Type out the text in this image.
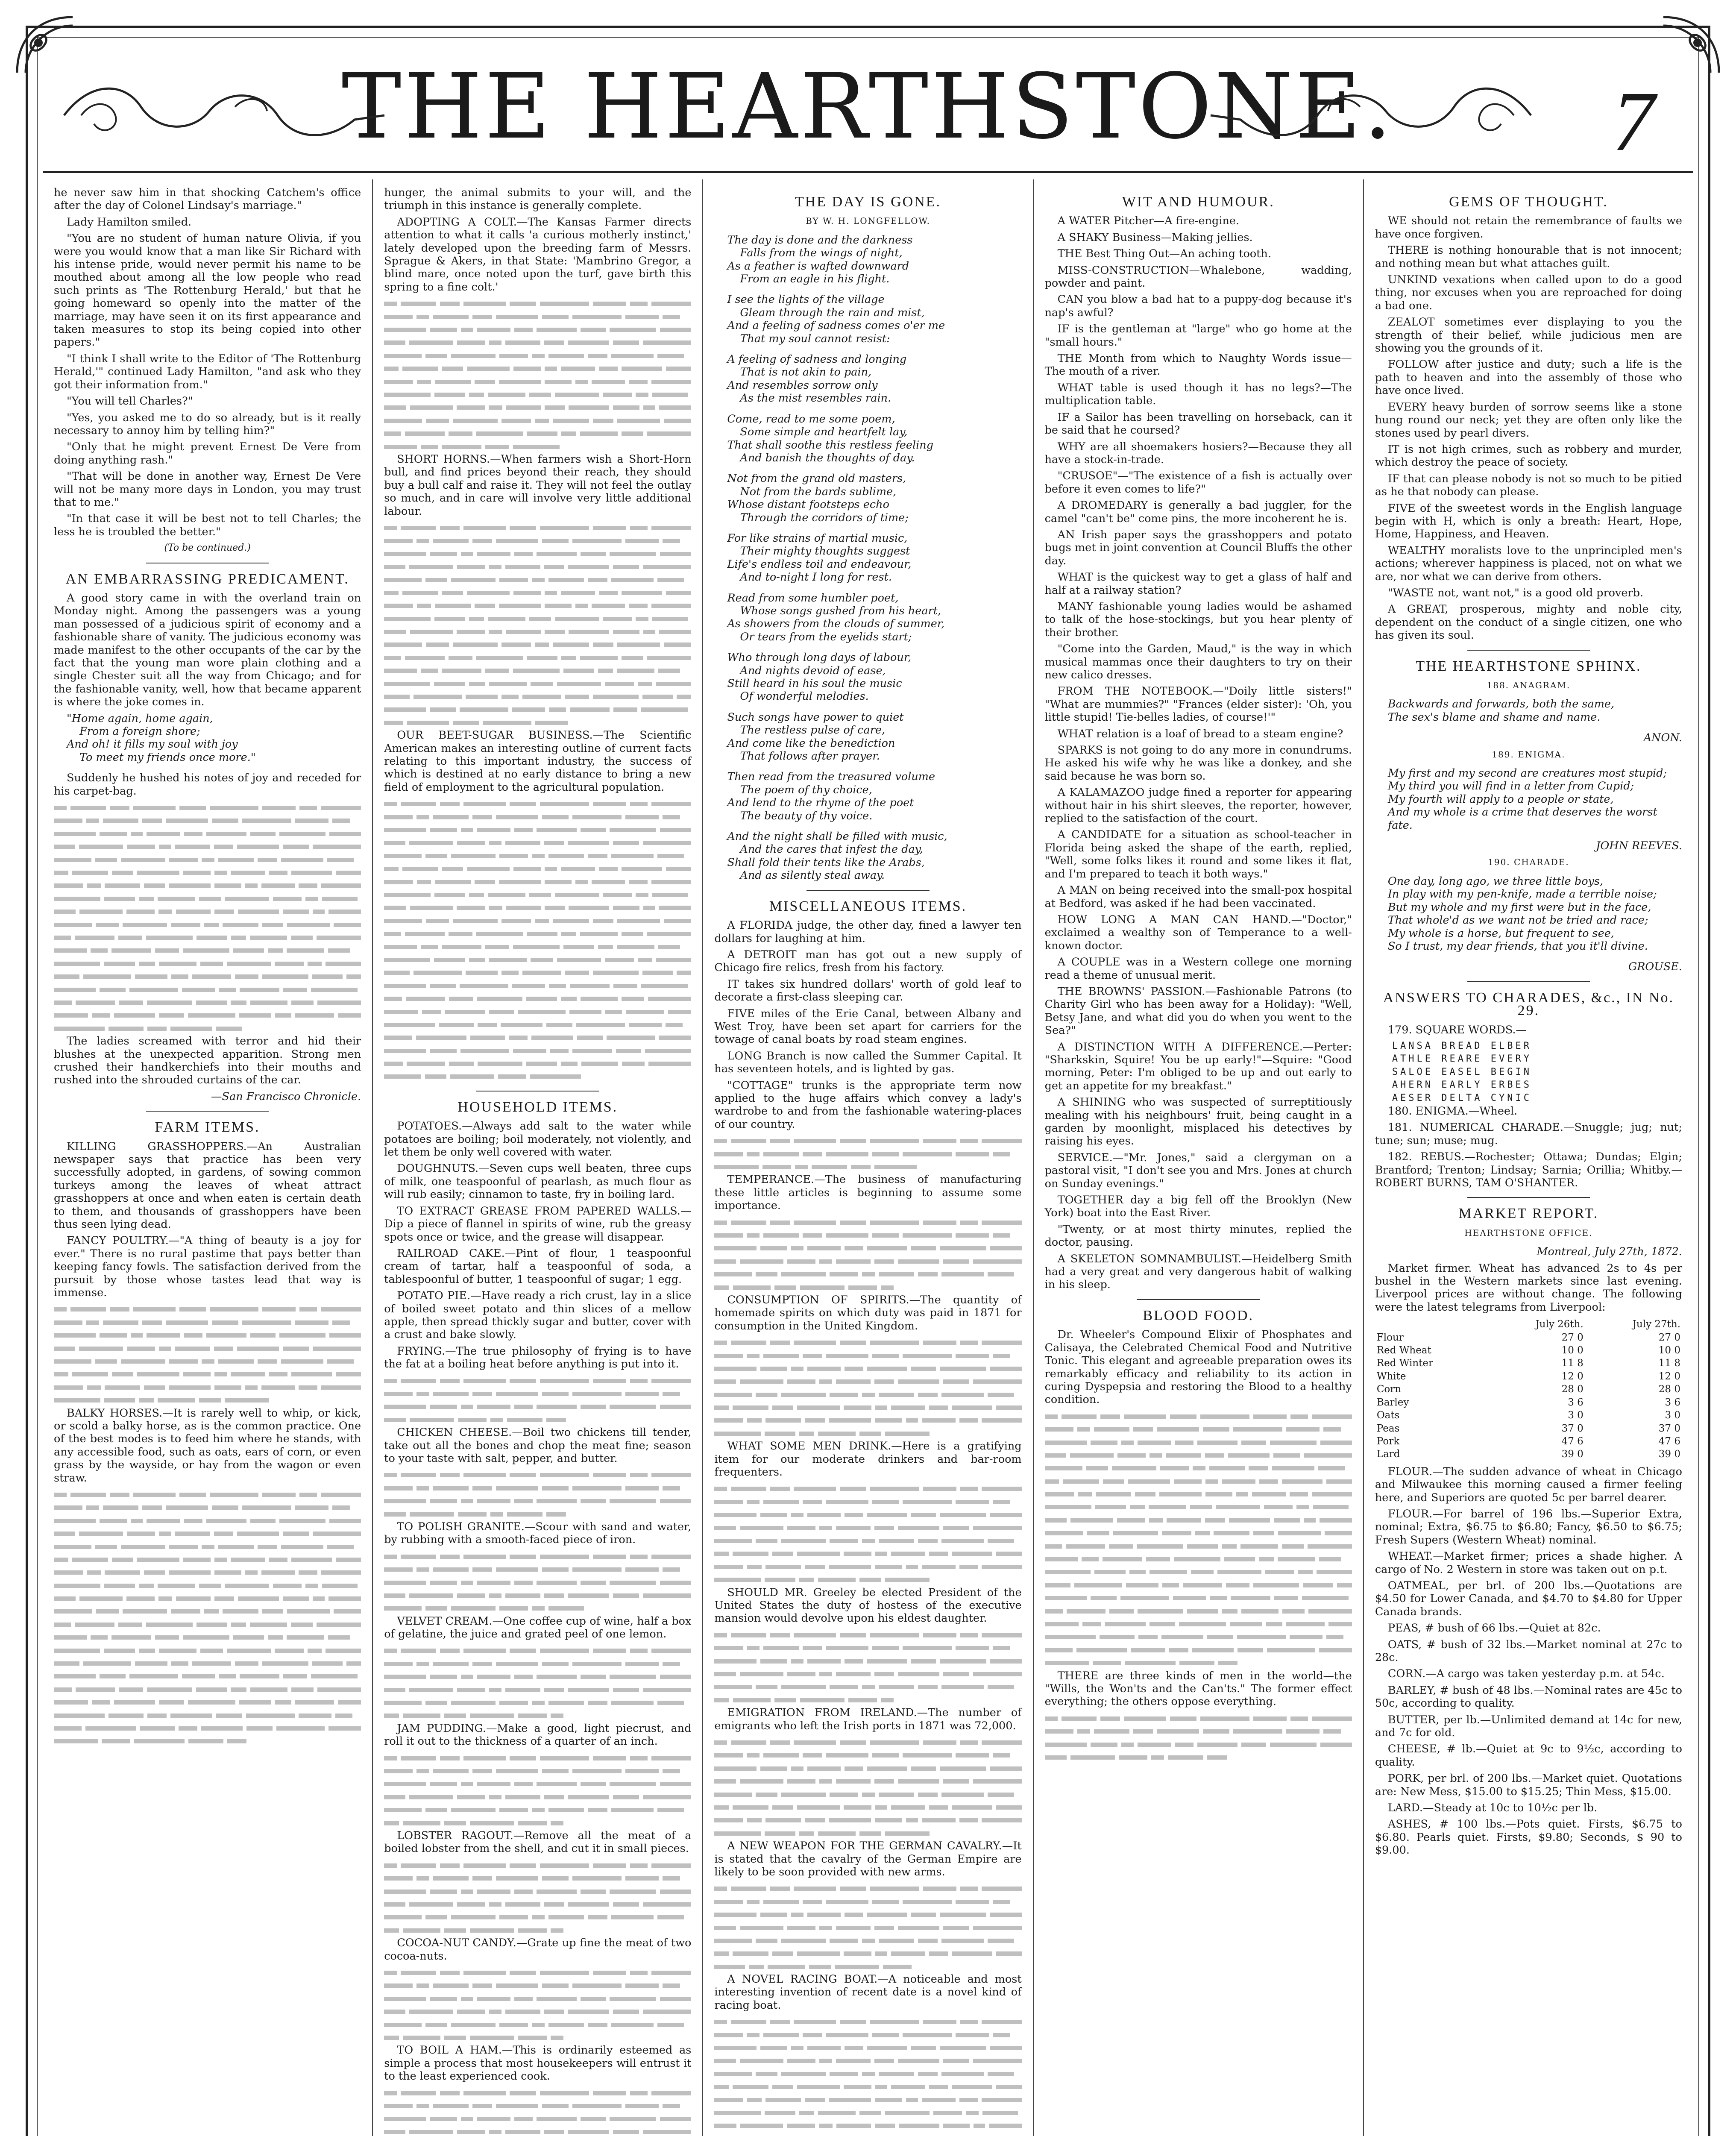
THE HEARTHSTONE.	7

he never saw him in that shocking Catchem's office after the day of Colonel Lindsay's marriage."

Lady Hamilton smiled.

"You are no student of human nature Olivia, if you were you would know that a man like Sir Richard with his intense pride, would never permit his name to be mouthed about among all the low people who read such prints as 'The Rottenburg Herald,' but that he going homeward so openly into the matter of the marriage, may have seen it on its first appearance and taken measures to stop its being copied into other papers."

"I think I shall write to the Editor of 'The Rottenburg Herald,'" continued Lady Hamilton, "and ask who they got their information from."

"You will tell Charles?"

"Yes, you asked me to do so already, but is it really necessary to annoy him by telling him?"

"Only that he might prevent Ernest De Vere from doing anything rash."

"That will be done in another way, Ernest De Vere will not be many more days in London, you may trust that to me."

"In that case it will be best not to tell Charles; the less he is troubled the better."

(To be continued.)

AN EMBARRASSING PREDICAMENT.

A good story came in with the overland train on Monday night. Among the passengers was a young man possessed of a judicious spirit of economy and a fashionable share of vanity. The judicious economy was made manifest to the other occupants of the car by the fact that the young man wore plain clothing and a single Chester suit all the way from Chicago; and for the fashionable vanity, well, how that became apparent is where the joke comes in.

"Home again, home again,
From a foreign shore;
And oh! it fills my soul with joy
To meet my friends once more."

Suddenly he hushed his notes of joy and receded for his carpet-bag.

The ladies screamed with terror and hid their blushes at the unexpected apparition. Strong men crushed their handkerchiefs into their mouths and rushed into the shrouded curtains of the car.

—San Francisco Chronicle.

FARM ITEMS.

KILLING GRASSHOPPERS.—An Australian newspaper says that practice has been very successfully adopted, in gardens, of sowing common turkeys among the leaves of wheat attract grasshoppers at once and when eaten is certain death to them, and thousands of grasshoppers have been thus seen lying dead.

FANCY POULTRY.—"A thing of beauty is a joy for ever." There is no rural pastime that pays better than keeping fancy fowls. The satisfaction derived from the pursuit by those whose tastes lead that way is immense.

BALKY HORSES.—It is rarely well to whip, or kick, or scold a balky horse, as is the common practice. One of the best modes is to feed him where he stands, with any accessible food, such as oats, ears of corn, or even grass by the wayside, or hay from the wagon or even straw.

hunger, the animal submits to your will, and the triumph in this instance is generally complete.

ADOPTING A COLT.—The Kansas Farmer directs attention to what it calls 'a curious motherly instinct,' lately developed upon the breeding farm of Messrs. Sprague & Akers, in that State: 'Mambrino Gregor, a blind mare, once noted upon the turf, gave birth this spring to a fine colt.'

SHORT HORNS.—When farmers wish a Short-Horn bull, and find prices beyond their reach, they should buy a bull calf and raise it. They will not feel the outlay so much, and in care will involve very little additional labour.

OUR BEET-SUGAR BUSINESS.—The Scientific American makes an interesting outline of current facts relating to this important industry, the success of which is destined at no early distance to bring a new field of employment to the agricultural population.

HOUSEHOLD ITEMS.

POTATOES.—Always add salt to the water while potatoes are boiling; boil moderately, not violently, and let them be only well covered with water.

DOUGHNUTS.—Seven cups well beaten, three cups of milk, one teaspoonful of pearlash, as much flour as will rub easily; cinnamon to taste, fry in boiling lard.

TO EXTRACT GREASE FROM PAPERED WALLS.—Dip a piece of flannel in spirits of wine, rub the greasy spots once or twice, and the grease will disappear.

RAILROAD CAKE.—Pint of flour, 1 teaspoonful cream of tartar, half a teaspoonful of soda, a tablespoonful of butter, 1 teaspoonful of sugar; 1 egg.

POTATO PIE.—Have ready a rich crust, lay in a slice of boiled sweet potato and thin slices of a mellow apple, then spread thickly sugar and butter, cover with a crust and bake slowly.

FRYING.—The true philosophy of frying is to have the fat at a boiling heat before anything is put into it.

CHICKEN CHEESE.—Boil two chickens till tender, take out all the bones and chop the meat fine; season to your taste with salt, pepper, and butter.

TO POLISH GRANITE.—Scour with sand and water, by rubbing with a smooth-faced piece of iron.

VELVET CREAM.—One coffee cup of wine, half a box of gelatine, the juice and grated peel of one lemon.

JAM PUDDING.—Make a good, light piecrust, and roll it out to the thickness of a quarter of an inch.

LOBSTER RAGOUT.—Remove all the meat of a boiled lobster from the shell, and cut it in small pieces.

COCOA-NUT CANDY.—Grate up fine the meat of two cocoa-nuts.

TO BOIL A HAM.—This is ordinarily esteemed as simple a process that most housekeepers will entrust it to the least experienced cook.

THE DAY IS GONE.

BY W. H. LONGFELLOW.

The day is done and the darkness
Falls from the wings of night,
As a feather is wafted downward
From an eagle in his flight.
I see the lights of the village
Gleam through the rain and mist,
And a feeling of sadness comes o'er me
That my soul cannot resist:
A feeling of sadness and longing
That is not akin to pain,
And resembles sorrow only
As the mist resembles rain.
Come, read to me some poem,
Some simple and heartfelt lay,
That shall soothe this restless feeling
And banish the thoughts of day.
Not from the grand old masters,
Not from the bards sublime,
Whose distant footsteps echo
Through the corridors of time;
For like strains of martial music,
Their mighty thoughts suggest
Life's endless toil and endeavour,
And to-night I long for rest.
Read from some humbler poet,
Whose songs gushed from his heart,
As showers from the clouds of summer,
Or tears from the eyelids start;
Who through long days of labour,
And nights devoid of ease,
Still heard in his soul the music
Of wonderful melodies.
Such songs have power to quiet
The restless pulse of care,
And come like the benediction
That follows after prayer.
Then read from the treasured volume
The poem of thy choice,
And lend to the rhyme of the poet
The beauty of thy voice.
And the night shall be filled with music,
And the cares that infest the day,
Shall fold their tents like the Arabs,
And as silently steal away.
MISCELLANEOUS ITEMS.

A FLORIDA judge, the other day, fined a lawyer ten dollars for laughing at him.

A DETROIT man has got out a new supply of Chicago fire relics, fresh from his factory.

IT takes six hundred dollars' worth of gold leaf to decorate a first-class sleeping car.

FIVE miles of the Erie Canal, between Albany and West Troy, have been set apart for carriers for the towage of canal boats by road steam engines.

LONG Branch is now called the Summer Capital. It has seventeen hotels, and is lighted by gas.

"COTTAGE" trunks is the appropriate term now applied to the huge affairs which convey a lady's wardrobe to and from the fashionable watering-places of our country.

TEMPERANCE.—The business of manufacturing these little articles is beginning to assume some importance.

CONSUMPTION OF SPIRITS.—The quantity of homemade spirits on which duty was paid in 1871 for consumption in the United Kingdom.

WHAT SOME MEN DRINK.—Here is a gratifying item for our moderate drinkers and bar-room frequenters.

SHOULD MR. Greeley be elected President of the United States the duty of hostess of the executive mansion would devolve upon his eldest daughter.

EMIGRATION FROM IRELAND.—The number of emigrants who left the Irish ports in 1871 was 72,000.

A NEW WEAPON FOR THE GERMAN CAVALRY.—It is stated that the cavalry of the German Empire are likely to be soon provided with new arms.

A NOVEL RACING BOAT.—A noticeable and most interesting invention of recent date is a novel kind of racing boat.

WIT AND HUMOUR.

A WATER Pitcher—A fire-engine.

A SHAKY Business—Making jellies.

THE Best Thing Out—An aching tooth.

MISS-CONSTRUCTION—Whalebone, wadding, powder and paint.

CAN you blow a bad hat to a puppy-dog because it's nap's awful?

IF is the gentleman at "large" who go home at the "small hours."

THE Month from which to Naughty Words issue—The mouth of a river.

WHAT table is used though it has no legs?—The multiplication table.

IF a Sailor has been travelling on horseback, can it be said that he coursed?

WHY are all shoemakers hosiers?—Because they all have a stock-in-trade.

"CRUSOE"—"The existence of a fish is actually over before it even comes to life?"

A DROMEDARY is generally a bad juggler, for the camel "can't be" come pins, the more incoherent he is.

AN Irish paper says the grasshoppers and potato bugs met in joint convention at Council Bluffs the other day.

WHAT is the quickest way to get a glass of half and half at a railway station?

MANY fashionable young ladies would be ashamed to talk of the hose-stockings, but you hear plenty of their brother.

"Come into the Garden, Maud," is the way in which musical mammas once their daughters to try on their new calico dresses.

FROM THE NOTEBOOK.—"Doily little sisters!" "What are mummies?" "Frances (elder sister): 'Oh, you little stupid! Tie-belles ladies, of course!'"

WHAT relation is a loaf of bread to a steam engine?

SPARKS is not going to do any more in conundrums. He asked his wife why he was like a donkey, and she said because he was born so.

A KALAMAZOO judge fined a reporter for appearing without hair in his shirt sleeves, the reporter, however, replied to the satisfaction of the court.

A CANDIDATE for a situation as school-teacher in Florida being asked the shape of the earth, replied, "Well, some folks likes it round and some likes it flat, and I'm prepared to teach it both ways."

A MAN on being received into the small-pox hospital at Bedford, was asked if he had been vaccinated.

HOW LONG A MAN CAN HAND.—"Doctor," exclaimed a wealthy son of Temperance to a well-known doctor.

A COUPLE was in a Western college one morning read a theme of unusual merit.

THE BROWNS' PASSION.—Fashionable Patrons (to Charity Girl who has been away for a Holiday): "Well, Betsy Jane, and what did you do when you went to the Sea?"

A DISTINCTION WITH A DIFFERENCE.—Perter: "Sharkskin, Squire! You be up early!"—Squire: "Good morning, Peter: I'm obliged to be up and out early to get an appetite for my breakfast."

A SHINING who was suspected of surreptitiously mealing with his neighbours' fruit, being caught in a garden by moonlight, misplaced his detectives by raising his eyes.

SERVICE.—"Mr. Jones," said a clergyman on a pastoral visit, "I don't see you and Mrs. Jones at church on Sunday evenings."

TOGETHER day a big fell off the Brooklyn (New York) boat into the East River.

"Twenty, or at most thirty minutes, replied the doctor, pausing.

A SKELETON SOMNAMBULIST.—Heidelberg Smith had a very great and very dangerous habit of walking in his sleep.

BLOOD FOOD.

Dr. Wheeler's Compound Elixir of Phosphates and Calisaya, the Celebrated Chemical Food and Nutritive Tonic. This elegant and agreeable preparation owes its remarkably efficacy and reliability to its action in curing Dyspepsia and restoring the Blood to a healthy condition.

THERE are three kinds of men in the world—the "Wills, the Won'ts and the Can'ts." The former effect everything; the others oppose everything.

GEMS OF THOUGHT.

WE should not retain the remembrance of faults we have once forgiven.

THERE is nothing honourable that is not innocent; and nothing mean but what attaches guilt.

UNKIND vexations when called upon to do a good thing, nor excuses when you are reproached for doing a bad one.

ZEALOT sometimes ever displaying to you the strength of their belief, while judicious men are showing you the grounds of it.

FOLLOW after justice and duty; such a life is the path to heaven and into the assembly of those who have once lived.

EVERY heavy burden of sorrow seems like a stone hung round our neck; yet they are often only like the stones used by pearl divers.

IT is not high crimes, such as robbery and murder, which destroy the peace of society.

IF that can please nobody is not so much to be pitied as he that nobody can please.

FIVE of the sweetest words in the English language begin with H, which is only a breath: Heart, Hope, Home, Happiness, and Heaven.

WEALTHY moralists love to the unprincipled men's actions; wherever happiness is placed, not on what we are, nor what we can derive from others.

"WASTE not, want not," is a good old proverb.

A GREAT, prosperous, mighty and noble city, dependent on the conduct of a single citizen, one who has given its soul.

THE HEARTHSTONE SPHINX.

188. ANAGRAM.

Backwards and forwards, both the same,
The sex's blame and shame and name.

ANON.

189. ENIGMA.

My first and my second are creatures most stupid;
My third you will find in a letter from Cupid;
My fourth will apply to a people or state,
And my whole is a crime that deserves the worst fate.

JOHN REEVES.

190. CHARADE.

One day, long ago, we three little boys,
In play with my pen-knife, made a terrible noise;
But my whole and my first were but in the face,
That whole'd as we want not be tried and race;
My whole is a horse, but frequent to see,
So I trust, my dear friends, that you it'll divine.

GROUSE.

ANSWERS TO CHARADES, &c., IN No. 29.

179. SQUARE WORDS.—

LANSA BREAD ELBER
ATHLE REARE EVERY
SALOE EASEL BEGIN
AHERN EARLY ERBES
AESER DELTA CYNIC

180. ENIGMA.—Wheel.

181. NUMERICAL CHARADE.—Snuggle; jug; nut; tune; sun; muse; mug.

182. REBUS.—Rochester; Ottawa; Dundas; Elgin; Brantford; Trenton; Lindsay; Sarnia; Orillia; Whitby.—ROBERT BURNS, TAM O'SHANTER.

MARKET REPORT.

HEARTHSTONE OFFICE.

Montreal, July 27th, 1872.

Market firmer. Wheat has advanced 2s to 4s per bushel in the Western markets since last evening. Liverpool prices are without change. The following were the latest telegrams from Liverpool:

	July 26th.	July 27th.
Flour	27 0	27 0
Red Wheat	10 0	10 0
Red Winter	11 8	11 8
White	12 0	12 0
Corn	28 0	28 0
Barley	3 6	3 6
Oats	3 0	3 0
Peas	37 0	37 0
Pork	47 6	47 6
Lard	39 0	39 0

FLOUR.—The sudden advance of wheat in Chicago and Milwaukee this morning caused a firmer feeling here, and Superiors are quoted 5c per barrel dearer.

FLOUR.—For barrel of 196 lbs.—Superior Extra, nominal; Extra, $6.75 to $6.80; Fancy, $6.50 to $6.75; Fresh Supers (Western Wheat) nominal.

WHEAT.—Market firmer; prices a shade higher. A cargo of No. 2 Western in store was taken out on p.t.

OATMEAL, per brl. of 200 lbs.—Quotations are $4.50 for Lower Canada, and $4.70 to $4.80 for Upper Canada brands.

PEAS, # bush of 66 lbs.—Quiet at 82c.

OATS, # bush of 32 lbs.—Market nominal at 27c to 28c.

CORN.—A cargo was taken yesterday p.m. at 54c.

BARLEY, # bush of 48 lbs.—Nominal rates are 45c to 50c, according to quality.

BUTTER, per lb.—Unlimited demand at 14c for new, and 7c for old.

CHEESE, # lb.—Quiet at 9c to 9½c, according to quality.

PORK, per brl. of 200 lbs.—Market quiet. Quotations are: New Mess, $15.00 to $15.25; Thin Mess, $15.00.

LARD.—Steady at 10c to 10½c per lb.

ASHES, # 100 lbs.—Pots quiet. Firsts, $6.75 to $6.80. Pearls quiet. Firsts, $9.80; Seconds, $ 90 to $9.00.
